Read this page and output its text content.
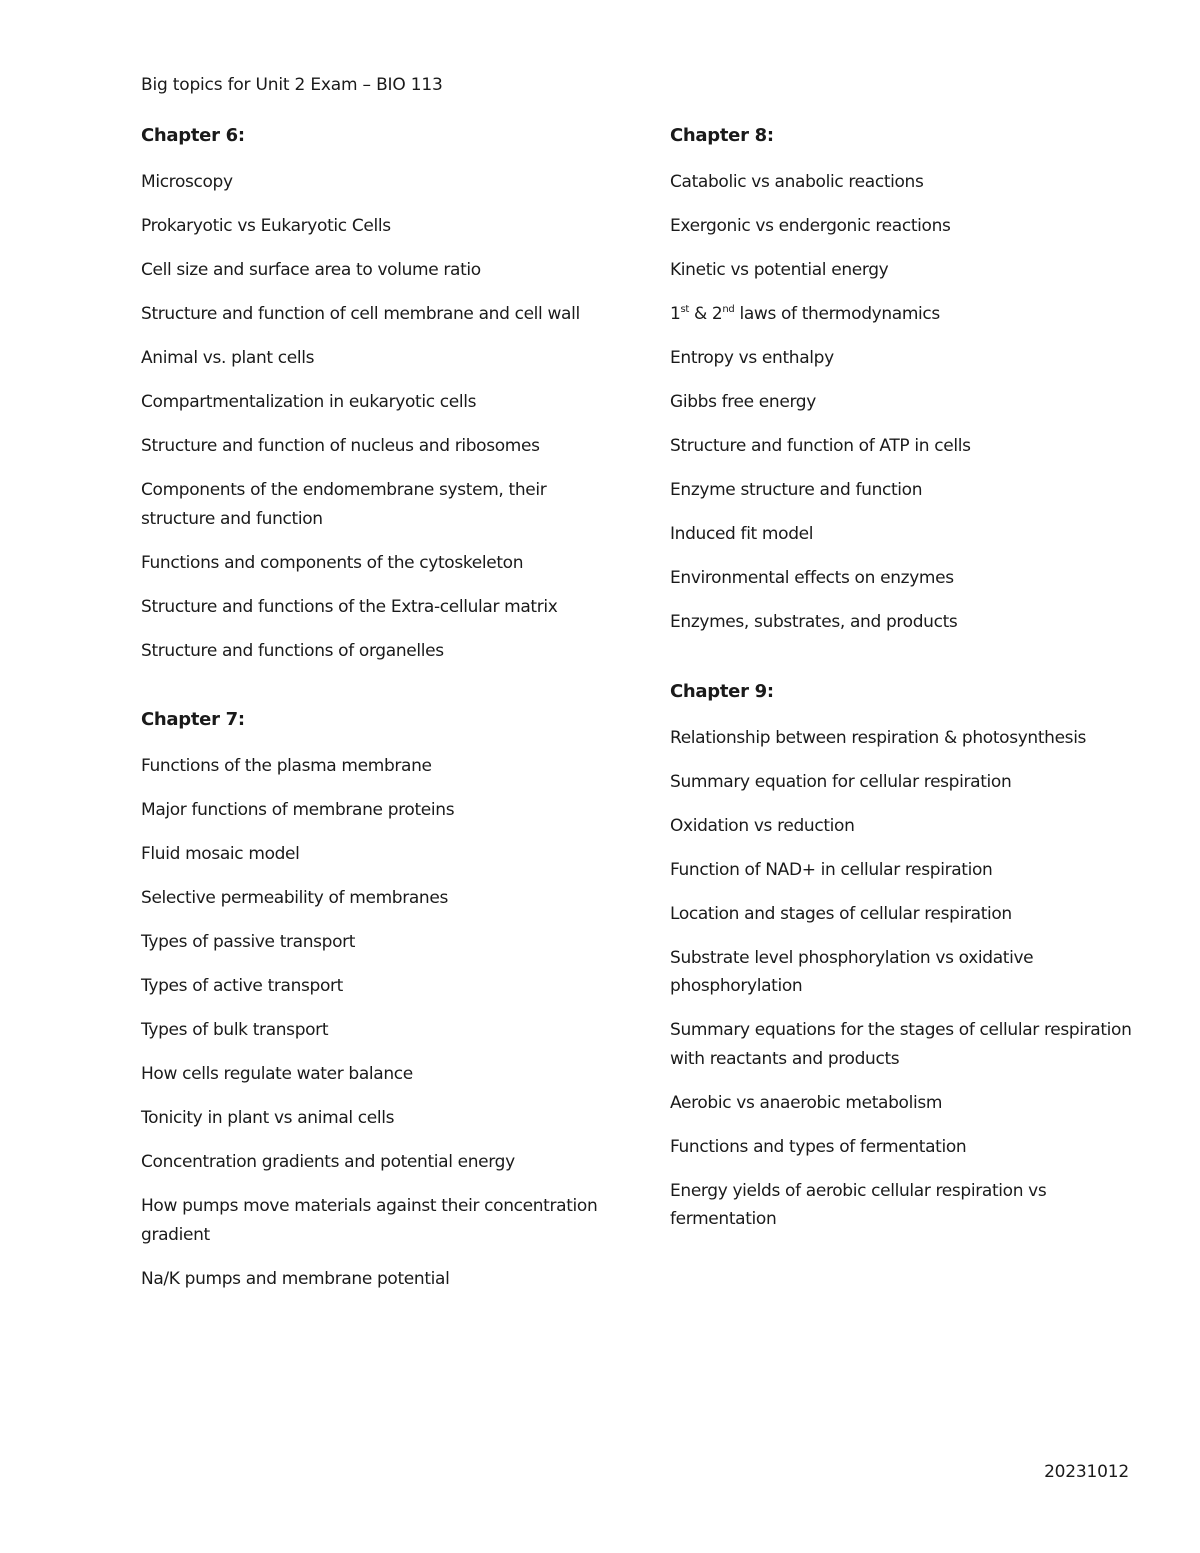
Big topics for Unit 2 Exam – BIO 113
Chapter 6:
Microscopy
Prokaryotic vs Eukaryotic Cells
Cell size and surface area to volume ratio
Structure and function of cell membrane and cell wall
Animal vs. plant cells
Compartmentalization in eukaryotic cells
Structure and function of nucleus and ribosomes
Components of the endomembrane system, their structure and function
Functions and components of the cytoskeleton
Structure and functions of the Extra-cellular matrix
Structure and functions of organelles
Chapter 7:
Functions of the plasma membrane
Major functions of membrane proteins
Fluid mosaic model
Selective permeability of membranes
Types of passive transport
Types of active transport
Types of bulk transport
How cells regulate water balance
Tonicity in plant vs animal cells
Concentration gradients and potential energy
How pumps move materials against their concentration gradient
Na/K pumps and membrane potential
Chapter 8:
Catabolic vs anabolic reactions
Exergonic vs endergonic reactions
Kinetic vs potential energy
1st & 2nd laws of thermodynamics
Entropy vs enthalpy
Gibbs free energy
Structure and function of ATP in cells
Enzyme structure and function
Induced fit model
Environmental effects on enzymes
Enzymes, substrates, and products
Chapter 9:
Relationship between respiration & photosynthesis
Summary equation for cellular respiration
Oxidation vs reduction
Function of NAD+ in cellular respiration
Location and stages of cellular respiration
Substrate level phosphorylation vs oxidative phosphorylation
Summary equations for the stages of cellular respiration with reactants and products
Aerobic vs anaerobic metabolism
Functions and types of fermentation
Energy yields of aerobic cellular respiration vs fermentation
20231012
